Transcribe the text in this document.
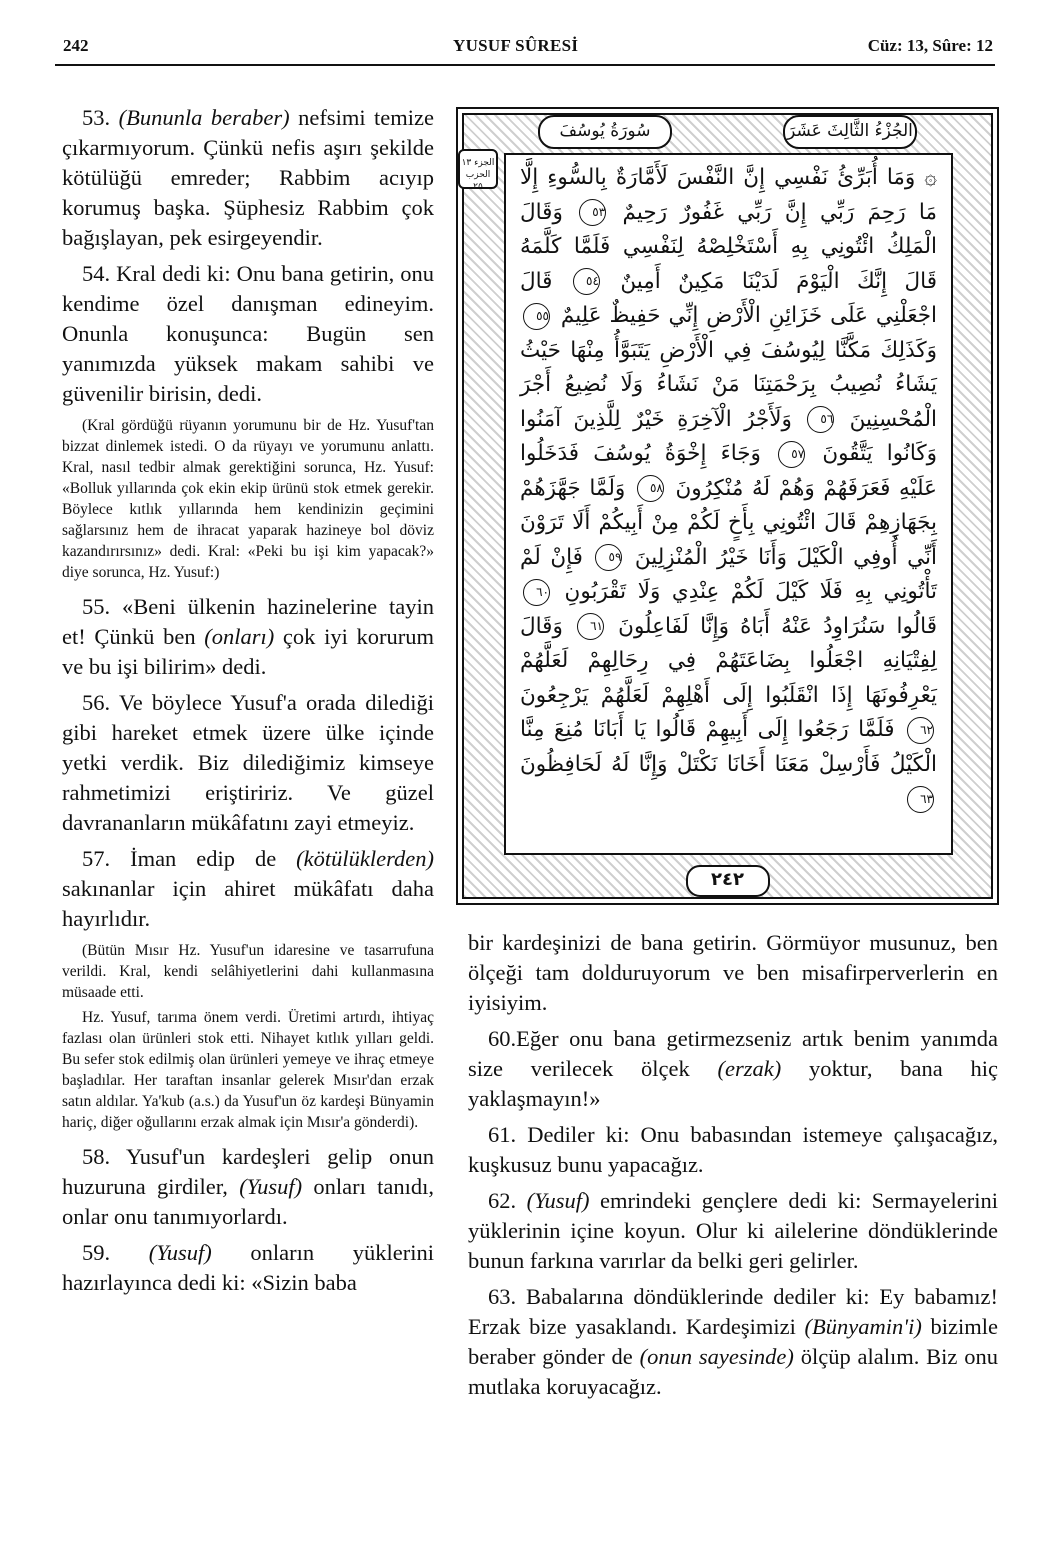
242	YUSUF SÛRESİ	Cüz: 13, Sûre: 12

53. (Bununla beraber) nefsimi temize çıkarmıyorum. Çünkü nefis aşırı şekilde kötülüğü emreder; Rabbim acıyıp korumuş başka. Şüphesiz Rabbim çok bağışlayan, pek esirgeyendir.

54. Kral dedi ki: Onu bana getirin, onu kendime özel danışman edineyim. Onunla konuşunca: Bugün sen yanımızda yüksek makam sahibi ve güvenilir birisin, dedi.

(Kral gördüğü rüyanın yorumunu bir de Hz. Yusuf'tan bizzat dinlemek istedi. O da rüyayı ve yorumunu anlattı. Kral, nasıl tedbir almak gerektiğini sorunca, Hz. Yusuf: «Bolluk yıllarında çok ekin ekip ürünü stok etmek gerekir. Böylece kıtlık yıllarında hem kendinizin geçimini sağlarsınız hem de ihracat yaparak hazineye bol döviz kazandırırsınız» dedi. Kral: «Peki bu işi kim yapacak?» diye sorunca, Hz. Yusuf:)

55. «Beni ülkenin hazinelerine tayin et! Çünkü ben (onları) çok iyi korurum ve bu işi bilirim» dedi.

56. Ve böylece Yusuf'a orada dilediği gibi hareket etmek üzere ülke içinde yetki verdik. Biz dilediğimiz kimseye rahmetimizi eriştiririz. Ve güzel davrananların mükâfatını zayi etmeyiz.

57. İman edip de (kötülüklerden) sakınanlar için ahiret mükâfatı daha hayırlıdır.

(Bütün Mısır Hz. Yusuf'un idaresine ve tasarrufuna verildi. Kral, kendi selâhiyetlerini dahi kullanmasına müsaade etti.

Hz. Yusuf, tarıma önem verdi. Üretimi artırdı, ihtiyaç fazlası olan ürünleri stok etti. Nihayet kıtlık yılları geldi. Bu sefer stok edilmiş olan ürünleri yemeye ve ihraç etmeye başladılar. Her taraftan insanlar gelerek Mısır'dan erzak satın aldılar. Ya'kub (a.s.) da Yusuf'un öz kardeşi Bünyamin hariç, diğer oğullarını erzak almak için Mısır'a gönderdi).

58. Yusuf'un kardeşleri gelip onun huzuruna girdiler, (Yusuf) onları tanıdı, onlar onu tanımıyorlardı.

59. (Yusuf) onların yüklerini hazırlayınca dedi ki: «Sizin baba

سُورَةُ يُوسُفَ	الجُزْءُ الثَّالِثَ عَشَرَ
الجزء ١٣ الحزب ٢٥	۞ وَمَا أُبَرِّئُ نَفْسِي إِنَّ النَّفْسَ لَأَمَّارَةٌ بِالسُّوءِ إِلَّا مَا رَحِمَ رَبِّي إِنَّ رَبِّي غَفُورٌ رَحِيمٌ ٥٣ وَقَالَ الْمَلِكُ ائْتُونِي بِهِ أَسْتَخْلِصْهُ لِنَفْسِي فَلَمَّا كَلَّمَهُ قَالَ إِنَّكَ الْيَوْمَ لَدَيْنَا مَكِينٌ أَمِينٌ ٥٤ قَالَ اجْعَلْنِي عَلَى خَزَائِنِ الْأَرْضِ إِنِّي حَفِيظٌ عَلِيمٌ ٥٥ وَكَذَلِكَ مَكَّنَّا لِيُوسُفَ فِي الْأَرْضِ يَتَبَوَّأُ مِنْهَا حَيْثُ يَشَاءُ نُصِيبُ بِرَحْمَتِنَا مَنْ نَشَاءُ وَلَا نُضِيعُ أَجْرَ الْمُحْسِنِينَ ٥٦ وَلَأَجْرُ الْآخِرَةِ خَيْرٌ لِلَّذِينَ آمَنُوا وَكَانُوا يَتَّقُونَ ٥٧ وَجَاءَ إِخْوَةُ يُوسُفَ فَدَخَلُوا عَلَيْهِ فَعَرَفَهُمْ وَهُمْ لَهُ مُنْكِرُونَ ٥٨ وَلَمَّا جَهَّزَهُمْ بِجَهَازِهِمْ قَالَ ائْتُونِي بِأَخٍ لَكُمْ مِنْ أَبِيكُمْ أَلَا تَرَوْنَ أَنِّي أُوفِي الْكَيْلَ وَأَنَا خَيْرُ الْمُنْزِلِينَ ٥٩ فَإِنْ لَمْ تَأْتُونِي بِهِ فَلَا كَيْلَ لَكُمْ عِنْدِي وَلَا تَقْرَبُونِ ٦٠ قَالُوا سَنُرَاوِدُ عَنْهُ أَبَاهُ وَإِنَّا لَفَاعِلُونَ ٦١ وَقَالَ لِفِتْيَانِهِ اجْعَلُوا بِضَاعَتَهُمْ فِي رِحَالِهِمْ لَعَلَّهُمْ يَعْرِفُونَهَا إِذَا انْقَلَبُوا إِلَى أَهْلِهِمْ لَعَلَّهُمْ يَرْجِعُونَ ٦٢ فَلَمَّا رَجَعُوا إِلَى أَبِيهِمْ قَالُوا يَا أَبَانَا مُنِعَ مِنَّا الْكَيْلُ فَأَرْسِلْ مَعَنَا أَخَانَا نَكْتَلْ وَإِنَّا لَهُ لَحَافِظُونَ ٦٣
٢٤٢

bir kardeşinizi de bana getirin. Görmüyor musunuz, ben ölçeği tam dolduruyorum ve ben misafirperverlerin en iyisiyim.

60.Eğer onu bana getirmezseniz artık benim yanımda size verilecek ölçek (erzak) yoktur, bana hiç yaklaşmayın!»

61. Dediler ki: Onu babasından istemeye çalışacağız, kuşkusuz bunu yapacağız.

62. (Yusuf) emrindeki gençlere dedi ki: Sermayelerini yüklerinin içine koyun. Olur ki ailelerine döndüklerinde bunun farkına varırlar da belki geri gelirler.

63. Babalarına döndüklerinde dediler ki: Ey babamız! Erzak bize yasaklandı. Kardeşimizi (Bünyamin'i) bizimle beraber gönder de (onun sayesinde) ölçüp alalım. Biz onu mutlaka koruyacağız.
